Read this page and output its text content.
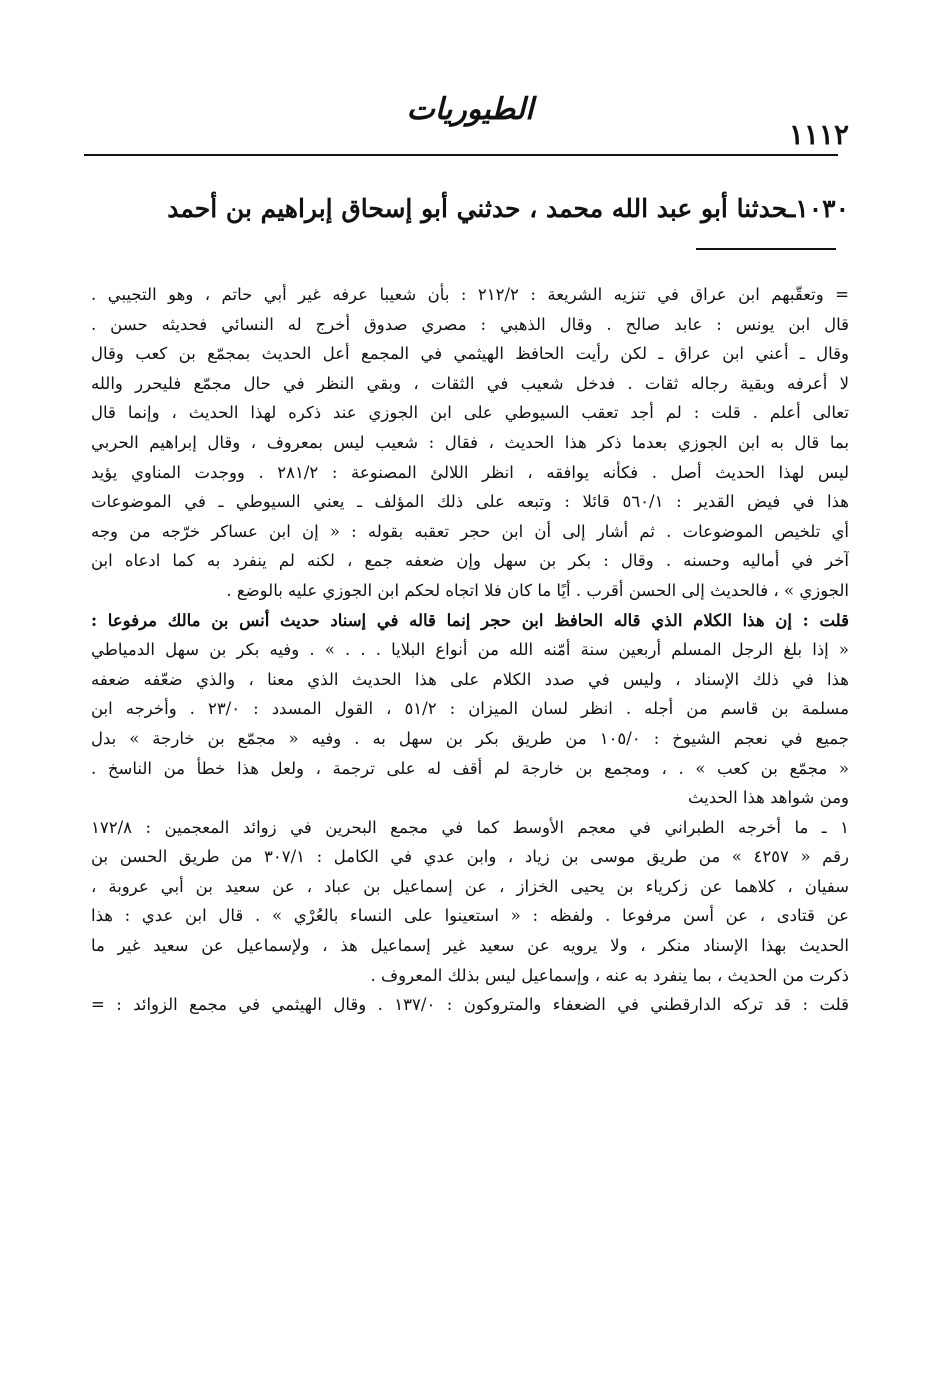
١١١٢
الطيوريات
١٠٣٠ـحدثنا أبو عبد الله محمد ، حدثني أبو إسحاق إبراهيم بن أحمد
= وتعقّبهم ابن عراق في تنزيه الشريعة : ٢١٢/٢ : بأن شعيبا عرفه غير أبي حاتم ، وهو التجيبي .
قال ابن يونس : عابد صالح . وقال الذهبي : مصري صدوق أخرج له النسائي فحديثه حسن .
وقال ـ أعني ابن عراق ـ لكن رأيت الحافظ الهيثمي في المجمع أعل الحديث بمجمّع بن كعب وقال
لا أعرفه وبقية رجاله ثقات . فدخل شعيب في الثقات ، وبقي النظر في حال مجمّع فليحرر والله
تعالى أعلم . قلت : لم أجد تعقب السيوطي على ابن الجوزي عند ذكره لهذا الحديث ، وإنما قال
بما قال به ابن الجوزي بعدما ذكر هذا الحديث ، فقال : شعيب ليس بمعروف ، وقال إبراهيم الحربي
ليس لهذا الحديث أصل . فكأنه يوافقه ، انظر اللالئ المصنوعة : ٢٨١/٢ . ووجدت المناوي يؤيد
هذا في فيض القدير : ٥٦٠/١ قائلا : وتبعه على ذلك المؤلف ـ يعني السيوطي ـ في الموضوعات
أي تلخيص الموضوعات . ثم أشار إلى أن ابن حجر تعقبه بقوله : « إن ابن عساكر خرّجه من وجه
آخر في أماليه وحسنه . وقال : بكر بن سهل وإن ضعفه جمع ، لكنه لم ينفرد به كما ادعاه ابن
الجوزي » ، فالحديث إلى الحسن أقرب . أيًا ما كان فلا اتجاه لحكم ابن الجوزي عليه بالوضع .
قلت : إن هذا الكلام الذي قاله الحافظ ابن حجر إنما قاله في إسناد حديث أنس بن مالك مرفوعا :
« إذا بلغ الرجل المسلم أربعين سنة أمّنه الله من أنواع البلايا . . . » . وفيه بكر بن سهل الدمياطي
هذا في ذلك الإسناد ، وليس في صدد الكلام على هذا الحديث الذي معنا ، والذي ضعّفه ضعفه
مسلمة بن قاسم من أجله . انظر لسان الميزان : ٥١/٢ ، القول المسدد : ٢٣/٠ . وأخرجه ابن
جميع في نعجم الشيوخ : ١٠٥/٠ من طريق بكر بن سهل به . وفيه « مجمّع بن خارجة » بدل
« مجمّع بن كعب » . ، ومجمع بن خارجة لم أقف له على ترجمة ، ولعل هذا خطأ من الناسخ .
ومن شواهد هذا الحديث
١ ـ ما أخرجه الطبراني في معجم الأوسط كما في مجمع البحرين في زوائد المعجمين : ١٧٢/٨
رقم « ٤٢٥٧ » من طريق موسى بن زياد ، وابن عدي في الكامل : ٣٠٧/١ من طريق الحسن بن
سفيان ، كلاهما عن زكرياء بن يحيى الخزاز ، عن إسماعيل بن عباد ، عن سعيد بن أبي عروبة ،
عن قتادى ، عن أسن مرفوعا . ولفظه : « استعينوا على النساء بالعُرْي » . قال ابن عدي : هذا
الحديث بهذا الإسناد منكر ، ولا يرويه عن سعيد غير إسماعيل هذ ، ولإسماعيل عن سعيد غير ما
ذكرت من الحديث ، بما ينفرد به عنه ، وإسماعيل ليس بذلك المعروف .
قلت : قد تركه الدارقطني في الضعفاء والمتروكون : ١٣٧/٠ . وقال الهيثمي في مجمع الزوائد : =
